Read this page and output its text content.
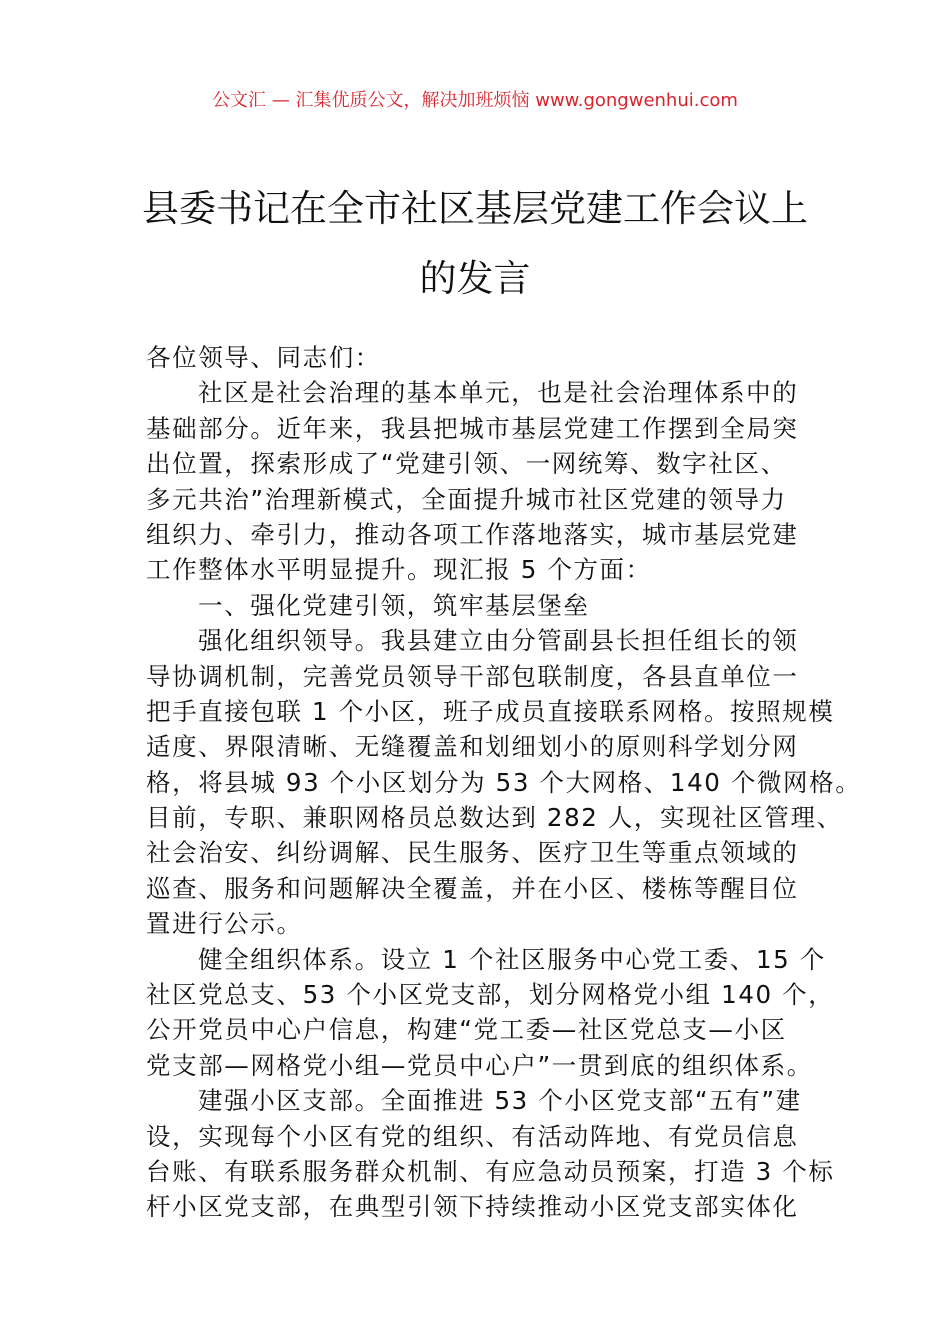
公文汇 — 汇集优质公文，解决加班烦恼 www.gongwenhui.com
县委书记在全市社区基层党建工作会议上
的发言
各位领导、同志们：
社区是社会治理的基本单元，也是社会治理体系中的
基础部分。近年来，我县把城市基层党建工作摆到全局突
出位置，探索形成了“党建引领、一网统筹、数字社区、
多元共治”治理新模式，全面提升城市社区党建的领导力
组织力、牵引力，推动各项工作落地落实，城市基层党建
工作整体水平明显提升。现汇报 5 个方面：
一、强化党建引领，筑牢基层堡垒
强化组织领导。我县建立由分管副县长担任组长的领
导协调机制，完善党员领导干部包联制度，各县直单位一
把手直接包联 1 个小区，班子成员直接联系网格。按照规模
适度、界限清晰、无缝覆盖和划细划小的原则科学划分网
格，将县城 93 个小区划分为 53 个大网格、140 个微网格。
目前，专职、兼职网格员总数达到 282 人，实现社区管理、
社会治安、纠纷调解、民生服务、医疗卫生等重点领域的
巡查、服务和问题解决全覆盖，并在小区、楼栋等醒目位
置进行公示。
健全组织体系。设立 1 个社区服务中心党工委、15 个
社区党总支、53 个小区党支部，划分网格党小组 140 个，
公开党员中心户信息，构建“党工委—社区党总支—小区
党支部—网格党小组—党员中心户”一贯到底的组织体系。
建强小区支部。全面推进 53 个小区党支部“五有”建
设，实现每个小区有党的组织、有活动阵地、有党员信息
台账、有联系服务群众机制、有应急动员预案，打造 3 个标
杆小区党支部，在典型引领下持续推动小区党支部实体化
